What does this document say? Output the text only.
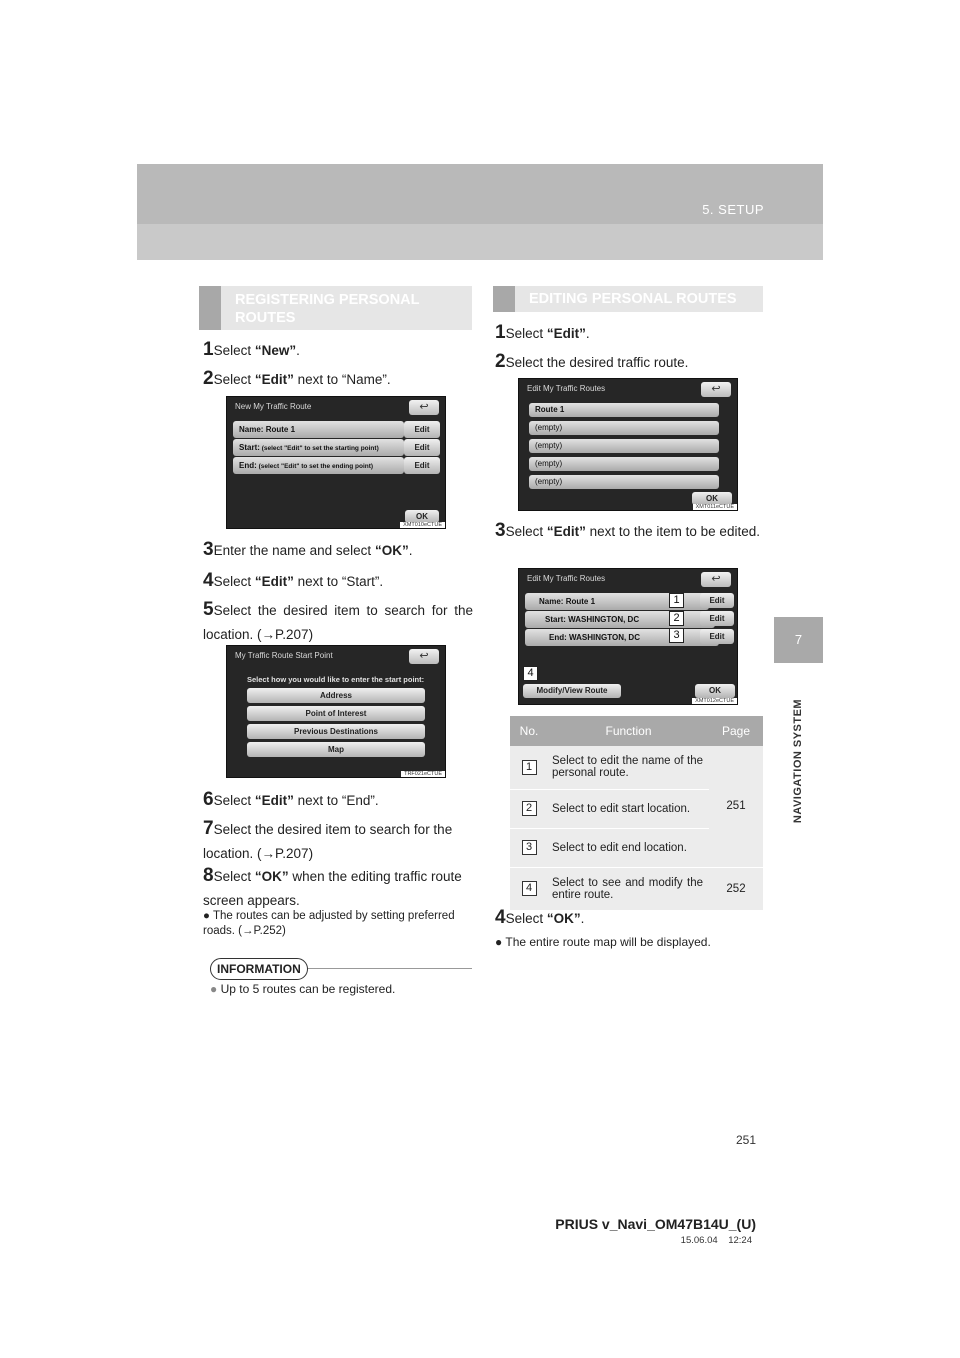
5. SETUP
7
NAVIGATION SYSTEM
REGISTERING PERSONAL
ROUTES
1Select “New”.
2Select “Edit” next to “Name”.
New My Traffic Route	↩
Name: Route 1	Edit
Start: (select "Edit" to set the starting point)	Edit
End: (select "Edit" to set the ending point)	Edit
OK
XMT010eCTUE
3Enter the name and select “OK”.
4Select “Edit” next to “Start”.
5Select the desired item to search for the location. (→P.207)
My Traffic Route Start Point	↩
Select how you would like to enter the start point:
Address
Point of Interest
Previous Destinations
Map
TRF021eCTUE
6Select “Edit” next to “End”.
7Select the desired item to search for the location. (→P.207)
8Select “OK” when the editing traffic route screen appears.
● The routes can be adjusted by setting preferred roads. (→P.252)
INFORMATION
● Up to 5 routes can be registered.
EDITING PERSONAL ROUTES
1Select “Edit”.
2Select the desired traffic route.
Edit My Traffic Routes	↩
Route 1
(empty)
(empty)
(empty)
(empty)
OK
XMT011eCTUE
3Select “Edit” next to the item to be edited.
Edit My Traffic Routes	↩
Name: Route 1	Edit
Start: WASHINGTON, DC	Edit
End: WASHINGTON, DC	Edit
Modify/View Route	OK
1
2
3
4
XMT012eCTUE
No.	Function	Page
1	Select to edit the name of the personal route.	251
2	Select to edit start location.	
3	Select to edit end location.	
4	Select to see and modify the entire route.	252
4Select “OK”.
● The entire route map will be displayed.
251
PRIUS v_Navi_OM47B14U_(U)
15.06.04 12:24
